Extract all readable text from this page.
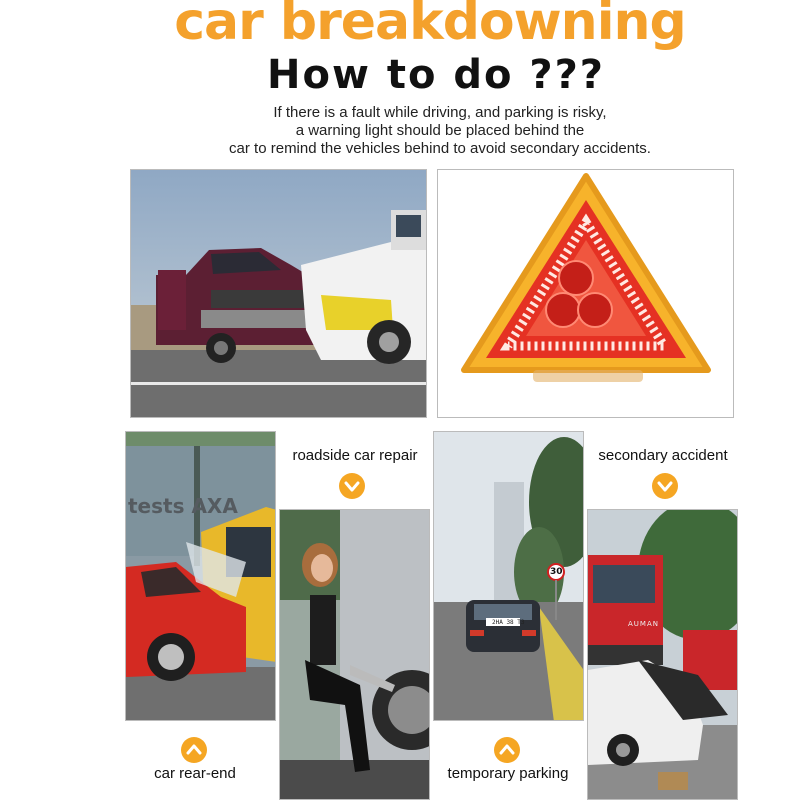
car breakdowning
How to do ???
If there is a fault while driving, and parking is risky,
a warning light should be placed behind the
car to remind the vehicles behind to avoid secondary accidents.
tests AXA
2HA 38 T3
30
AUMAN
roadside car repair	secondary accident
car rear-end	temporary parking
